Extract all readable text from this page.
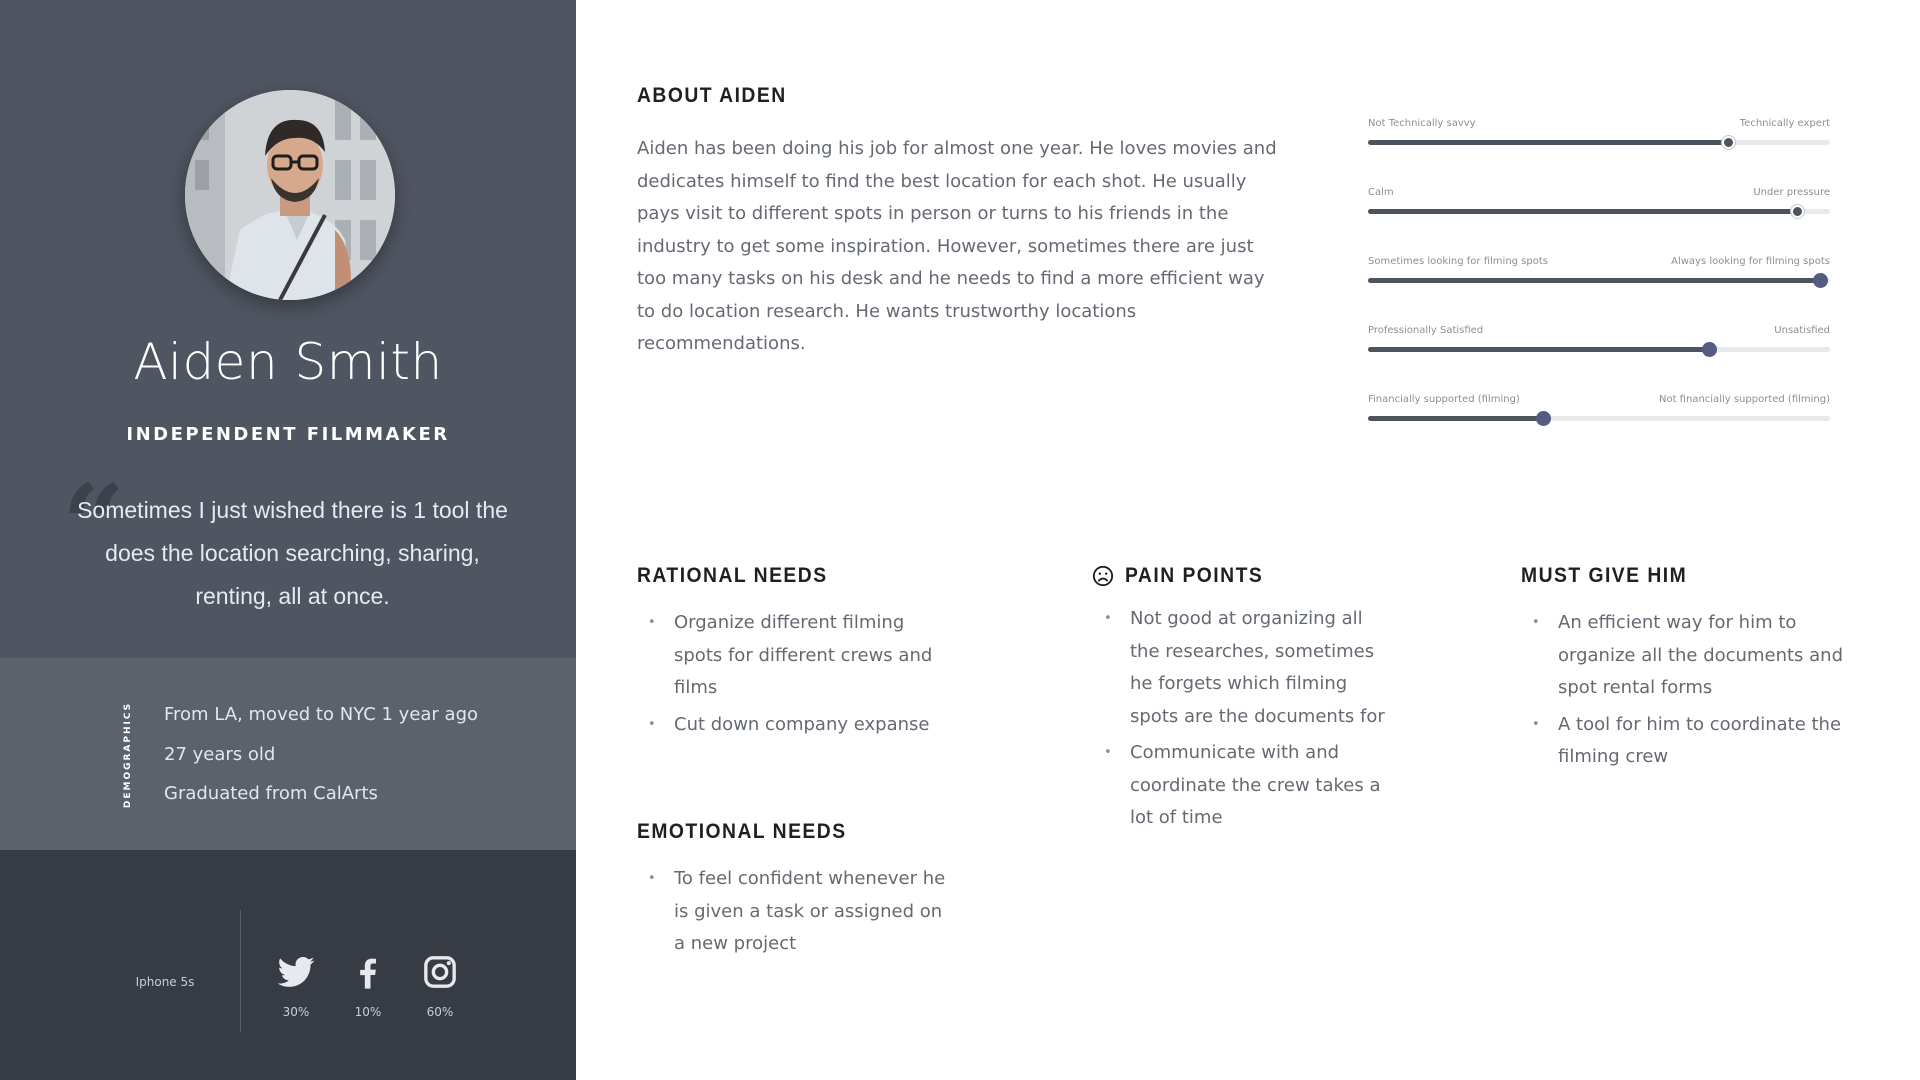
Aiden Smith
INDEPENDENT FILMMAKER
“
Sometimes I just wished there is 1 tool the does the location searching, sharing, renting, all at once.
DEMOGRAPHICS From LA, moved to NYC 1 year ago
27 years old
Graduated from CalArts
Iphone 5s
30%	10%	60%
ABOUT AIDEN
Aiden has been doing his job for almost one year. He loves movies and dedicates himself to find the best location for each shot. He usually pays visit to different spots in person or turns to his friends in the industry to get some inspiration. However, sometimes there are just too many tasks on his desk and he needs to find a more efficient way to do location research. He wants trustworthy locations recommendations.
Not Technically savvy	Technically expert
Calm	Under pressure
Sometimes looking for filming spots	Always looking for filming spots
Professionally Satisfied	Unsatisfied
Financially supported (filming)	Not financially supported (filming)
RATIONAL NEEDS
• Organize different filming spots for different crews and films
• Cut down company expanse
EMOTIONAL NEEDS
• To feel confident whenever he is given a task or assigned on a new project
PAIN POINTS
• Not good at organizing all the researches, sometimes he forgets which filming spots are the documents for
• Communicate with and coordinate the crew takes a lot of time
MUST GIVE HIM
• An efficient way for him to organize all the documents and spot rental forms
• A tool for him to coordinate the filming crew
